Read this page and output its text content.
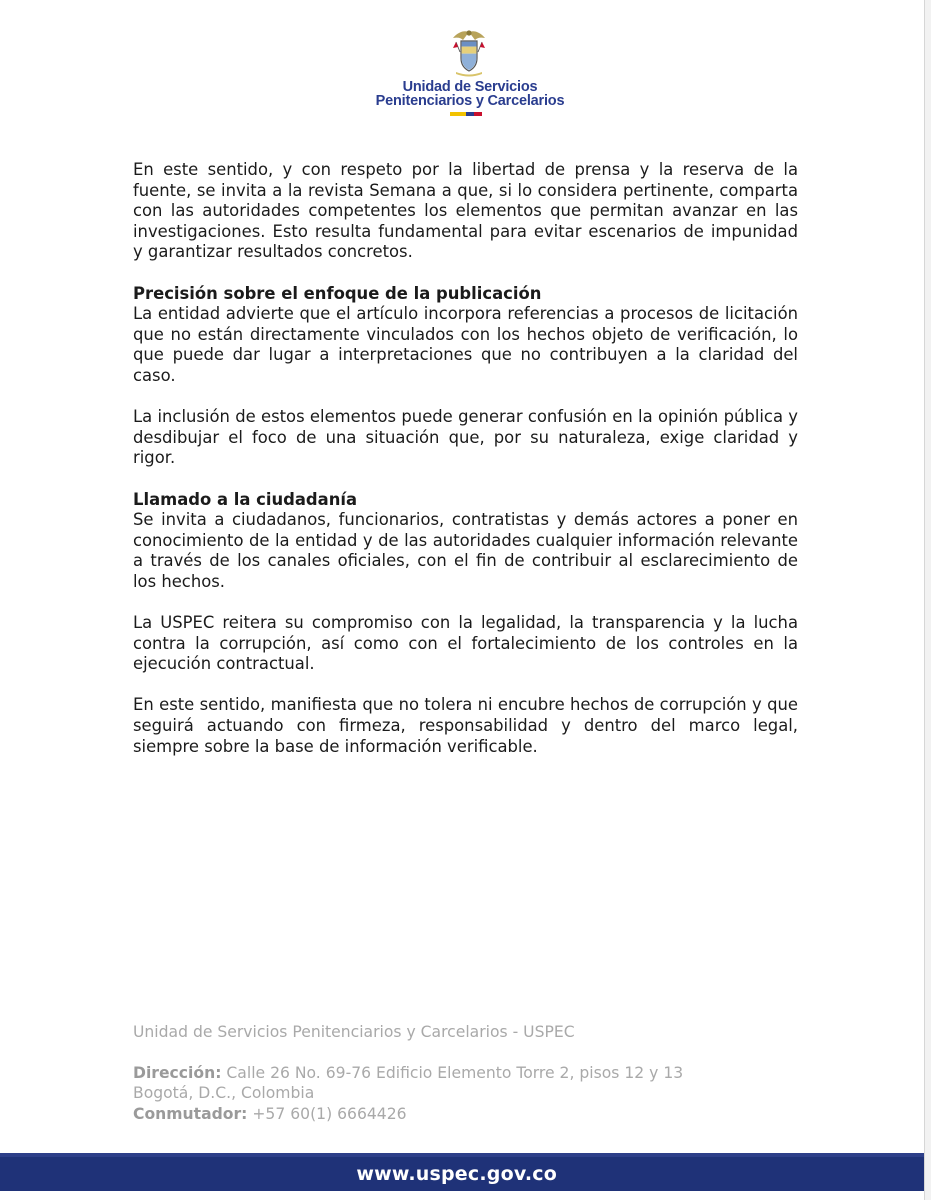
Unidad de Servicios
Penitenciarios y Carcelarios

En este sentido, y con respeto por la libertad de prensa y la reserva de la fuente, se invita a la revista Semana a que, si lo considera pertinente, comparta con las autoridades competentes los elementos que permitan avanzar en las investigaciones. Esto resulta fundamental para evitar escenarios de impunidad y garantizar resultados concretos.

Precisión sobre el enfoque de la publicación

La entidad advierte que el artículo incorpora referencias a procesos de licitación que no están directamente vinculados con los hechos objeto de verificación, lo que puede dar lugar a interpretaciones que no contribuyen a la claridad del caso.

La inclusión de estos elementos puede generar confusión en la opinión pública y desdibujar el foco de una situación que, por su naturaleza, exige claridad y rigor.

Llamado a la ciudadanía

Se invita a ciudadanos, funcionarios, contratistas y demás actores a poner en conocimiento de la entidad y de las autoridades cualquier información relevante a través de los canales oficiales, con el fin de contribuir al esclarecimiento de los hechos.

La USPEC reitera su compromiso con la legalidad, la transparencia y la lucha contra la corrupción, así como con el fortalecimiento de los controles en la ejecución contractual.

En este sentido, manifiesta que no tolera ni encubre hechos de corrupción y que seguirá actuando con firmeza, responsabilidad y dentro del marco legal, siempre sobre la base de información verificable.

Unidad de Servicios Penitenciarios y Carcelarios - USPEC
Dirección: Calle 26 No. 69-76 Edificio Elemento Torre 2, pisos 12 y 13
Bogotá, D.C., Colombia
Conmutador: +57 60(1) 6664426
www.uspec.gov.co
